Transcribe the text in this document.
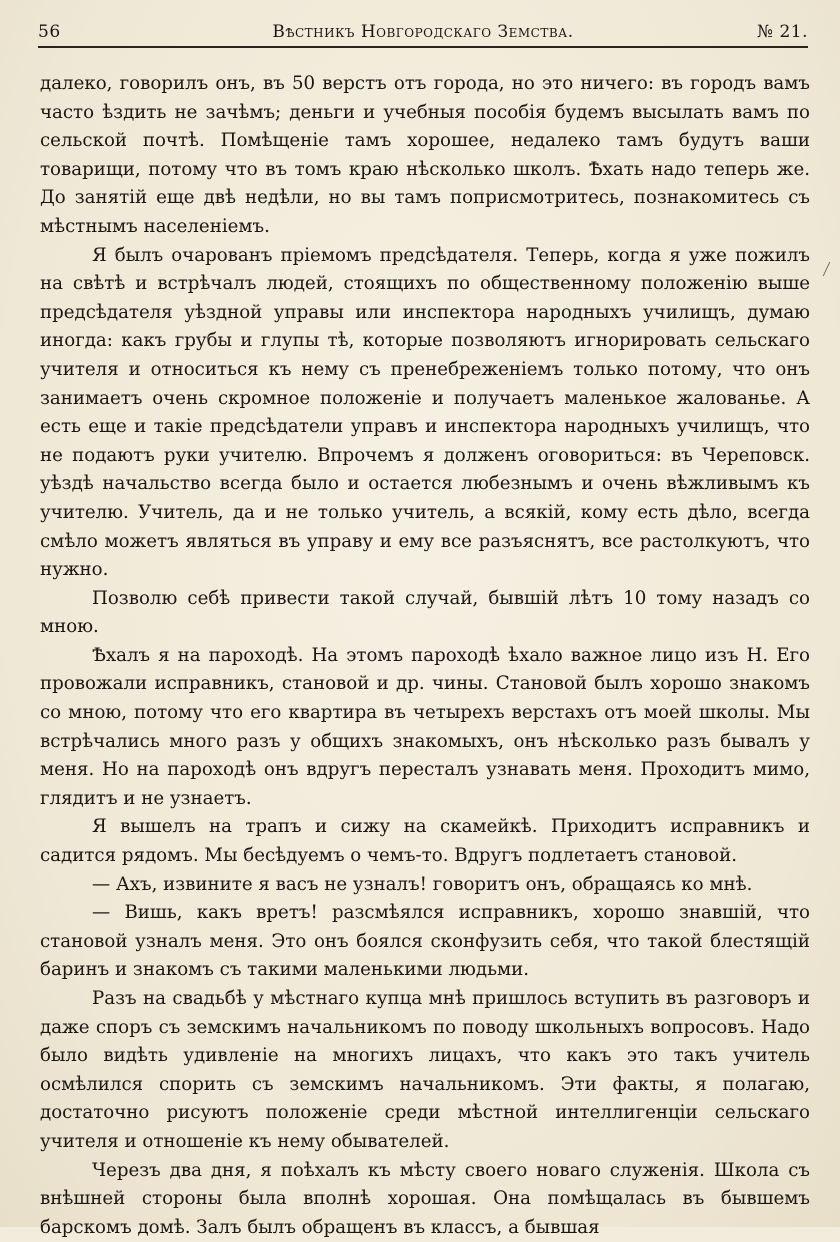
56	Вѣстникъ Новгородскаго Земства.	№ 21.

далеко, говорилъ онъ, въ 50 верстъ отъ города, но это ничего: въ городъ вамъ часто ѣздить не зачѣмъ; деньги и учебныя пособія будемъ высылать вамъ по сельской почтѣ. Помѣщеніе тамъ хорошее, недалеко тамъ будутъ ваши товарищи, потому что въ томъ краю нѣсколько школъ. Ѣхать надо теперь же. До занятій еще двѣ недѣли, но вы тамъ поприсмотритесь, познакомитесь съ мѣстнымъ населеніемъ.

Я былъ очарованъ пріемомъ предсѣдателя. Теперь, когда я уже пожилъ на свѣтѣ и встрѣчалъ людей, стоящихъ по общественному положенію выше предсѣдателя уѣздной управы или инспектора народныхъ училищъ, думаю иногда: какъ грубы и глупы тѣ, которые позволяютъ игнорировать сельскаго учителя и относиться къ нему съ пренебреженіемъ только потому, что онъ занимаетъ очень скромное положеніе и получаетъ маленькое жалованье. А есть еще и такіе предсѣдатели управъ и инспектора народныхъ училищъ, что не подаютъ руки учителю. Впрочемъ я долженъ оговориться: въ Череповск. уѣздѣ начальство всегда было и остается любезнымъ и очень вѣжливымъ къ учителю. Учитель, да и не только учитель, а всякій, кому есть дѣло, всегда смѣло можетъ являться въ управу и ему все разъяснятъ, все растолкуютъ, что нужно.

Позволю себѣ привести такой случай, бывшій лѣтъ 10 тому назадъ со мною.

Ѣхалъ я на пароходѣ. На этомъ пароходѣ ѣхало важное лицо изъ Н. Его провожали исправникъ, становой и др. чины. Становой былъ хорошо знакомъ со мною, потому что его квартира въ четырехъ верстахъ отъ моей школы. Мы встрѣчались много разъ у общихъ знакомыхъ, онъ нѣсколько разъ бывалъ у меня. Но на пароходѣ онъ вдругъ пересталъ узнавать меня. Проходитъ мимо, глядитъ и не узнаетъ.

Я вышелъ на трапъ и сижу на скамейкѣ. Приходитъ исправникъ и садится рядомъ. Мы бесѣдуемъ о чемъ-то. Вдругъ подлетаетъ становой.

— Ахъ, извините я васъ не узналъ! говоритъ онъ, обращаясь ко мнѣ.

— Вишь, какъ вретъ! разсмѣялся исправникъ, хорошо знавшій, что становой узналъ меня. Это онъ боялся сконфузить себя, что такой блестящій баринъ и знакомъ съ такими маленькими людьми.

Разъ на свадьбѣ у мѣстнаго купца мнѣ пришлось вступить въ разговоръ и даже споръ съ земскимъ начальникомъ по поводу школьныхъ вопросовъ. Надо было видѣть удивленіе на многихъ лицахъ, что какъ это такъ учитель осмѣлился спорить съ земскимъ начальникомъ. Эти факты, я полагаю, достаточно рисуютъ положеніе среди мѣстной интеллигенціи сельскаго учителя и отношеніе къ нему обывателей.

Черезъ два дня, я поѣхалъ къ мѣсту своего новаго служенія. Школа съ внѣшней стороны была вполнѣ хорошая. Она помѣщалась въ бывшемъ барскомъ домѣ. Залъ былъ обращенъ въ классъ, а бывшая
